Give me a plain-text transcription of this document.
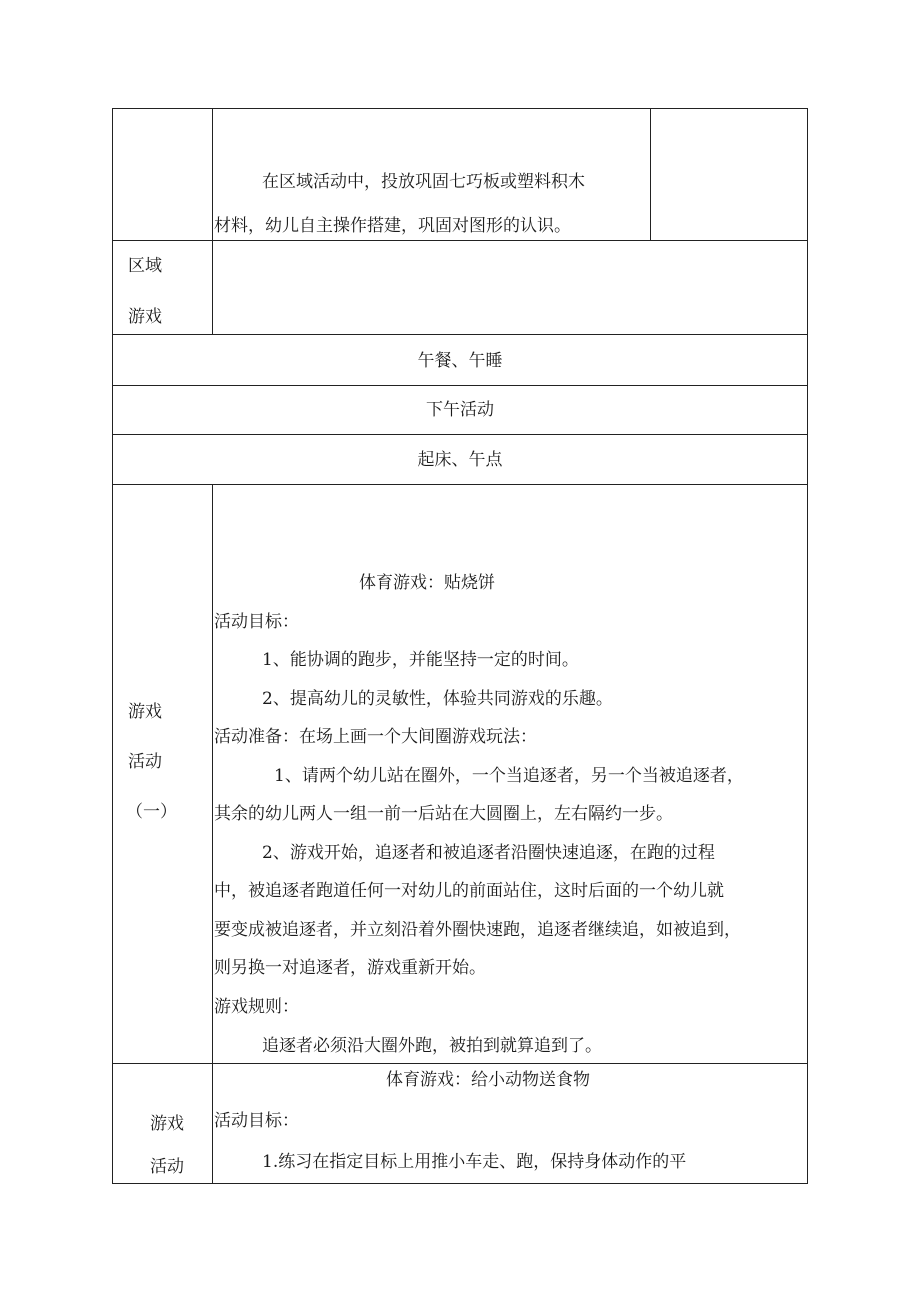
在区域活动中，投放巩固七巧板或塑料积木
材料，幼儿自主操作搭建，巩固对图形的认识。
区域
游戏
午餐、午睡
下午活动
起床、午点
游戏
活动
（一）
体育游戏：贴烧饼
活动目标：
1、能协调的跑步，并能坚持一定的时间。
2、提高幼儿的灵敏性，体验共同游戏的乐趣。
活动准备：在场上画一个大间圈游戏玩法：
1、请两个幼儿站在圈外，一个当追逐者，另一个当被追逐者，
其余的幼儿两人一组一前一后站在大圆圈上，左右隔约一步。
2、游戏开始，追逐者和被追逐者沿圈快速追逐，在跑的过程
中，被追逐者跑道任何一对幼儿的前面站住，这时后面的一个幼儿就
要变成被追逐者，并立刻沿着外圈快速跑，追逐者继续追，如被追到，
则另换一对追逐者，游戏重新开始。
游戏规则：
追逐者必须沿大圈外跑，被拍到就算追到了。
游戏
活动
体育游戏：给小动物送食物
活动目标：
1.练习在指定目标上用推小车走、跑，保持身体动作的平
